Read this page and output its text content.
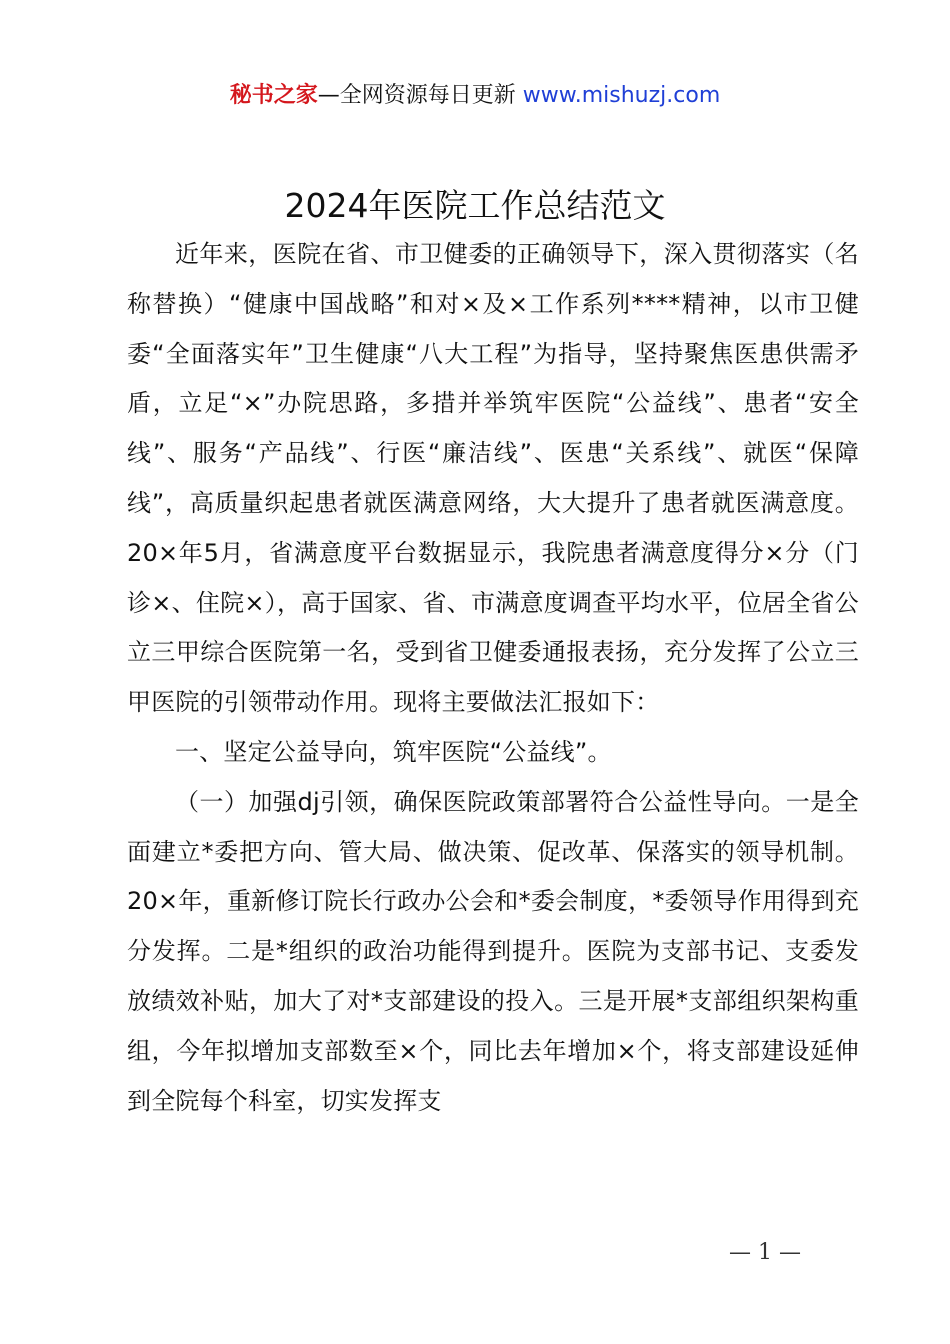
秘书之家—全网资源每日更新 www.mishuzj.com
2024年医院工作总结范文

近年来，医院在省、市卫健委的正确领导下，深入贯彻落实（名称替换）“健康中国战略”和对×及×工作系列****精神，以市卫健委“全面落实年”卫生健康“八大工程”为指导，坚持聚焦医患供需矛盾，立足“×”办院思路，多措并举筑牢医院“公益线”、患者“安全线”、服务“产品线”、行医“廉洁线”、医患“关系线”、就医“保障线”，高质量织起患者就医满意网络，大大提升了患者就医满意度。20×年5月，省满意度平台数据显示，我院患者满意度得分×分（门诊×、住院×），高于国家、省、市满意度调查平均水平，位居全省公立三甲综合医院第一名，受到省卫健委通报表扬，充分发挥了公立三甲医院的引领带动作用。现将主要做法汇报如下：

一、坚定公益导向，筑牢医院“公益线”。

（一）加强dj引领，确保医院政策部署符合公益性导向。一是全面建立*委把方向、管大局、做决策、促改革、保落实的领导机制。20×年，重新修订院长行政办公会和*委会制度，*委领导作用得到充分发挥。二是*组织的政治功能得到提升。医院为支部书记、支委发放绩效补贴，加大了对*支部建设的投入。三是开展*支部组织架构重组，今年拟增加支部数至×个，同比去年增加×个，将支部建设延伸到全院每个科室，切实发挥支

— 1 —
